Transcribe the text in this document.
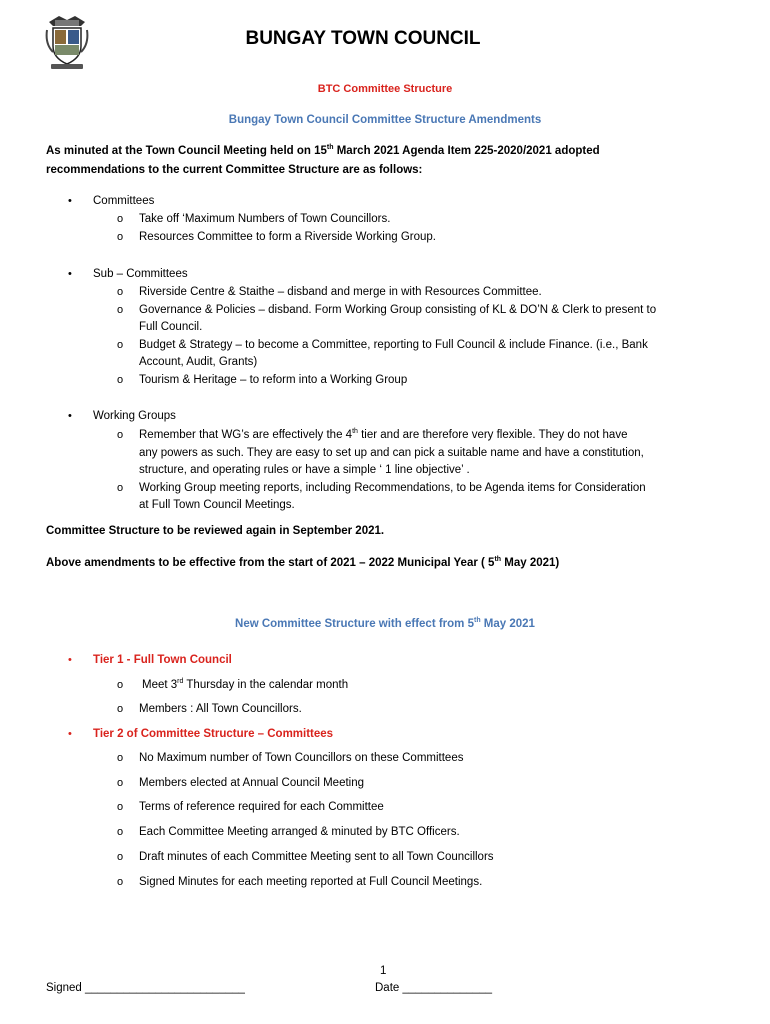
BUNGAY TOWN COUNCIL
BTC Committee Structure
Bungay Town Council Committee Structure Amendments
As minuted at the Town Council Meeting held on 15th March 2021 Agenda Item 225-2020/2021 adopted
recommendations to the current Committee Structure are as follows:
• Committees
o Take off ‘Maximum Numbers of Town Councillors.
o Resources Committee to form a Riverside Working Group.
• Sub – Committees
o Riverside Centre & Staithe – disband and merge in with Resources Committee.
o Governance & Policies – disband. Form Working Group consisting of KL & DO’N & Clerk to present to
Full Council.
o Budget & Strategy – to become a Committee, reporting to Full Council & include Finance. (i.e., Bank
Account, Audit, Grants)
o Tourism & Heritage – to reform into a Working Group
• Working Groups
o Remember that WG’s are effectively the 4th tier and are therefore very flexible. They do not have
any powers as such. They are easy to set up and can pick a suitable name and have a constitution,
structure, and operating rules or have a simple ‘ 1 line objective’ .
o Working Group meeting reports, including Recommendations, to be Agenda items for Consideration
at Full Town Council Meetings.
Committee Structure to be reviewed again in September 2021.
Above amendments to be effective from the start of 2021 – 2022 Municipal Year ( 5th May 2021)
New Committee Structure with effect from 5th May 2021
• Tier 1 - Full Town Council
o Meet 3rd Thursday in the calendar month
o Members : All Town Councillors.
• Tier 2 of Committee Structure – Committees
o No Maximum number of Town Councillors on these Committees
o Members elected at Annual Council Meeting
o Terms of reference required for each Committee
o Each Committee Meeting arranged & minuted by BTC Officers.
o Draft minutes of each Committee Meeting sent to all Town Councillors
o Signed Minutes for each meeting reported at Full Council Meetings.
1
Signed _________________________	Date ______________
